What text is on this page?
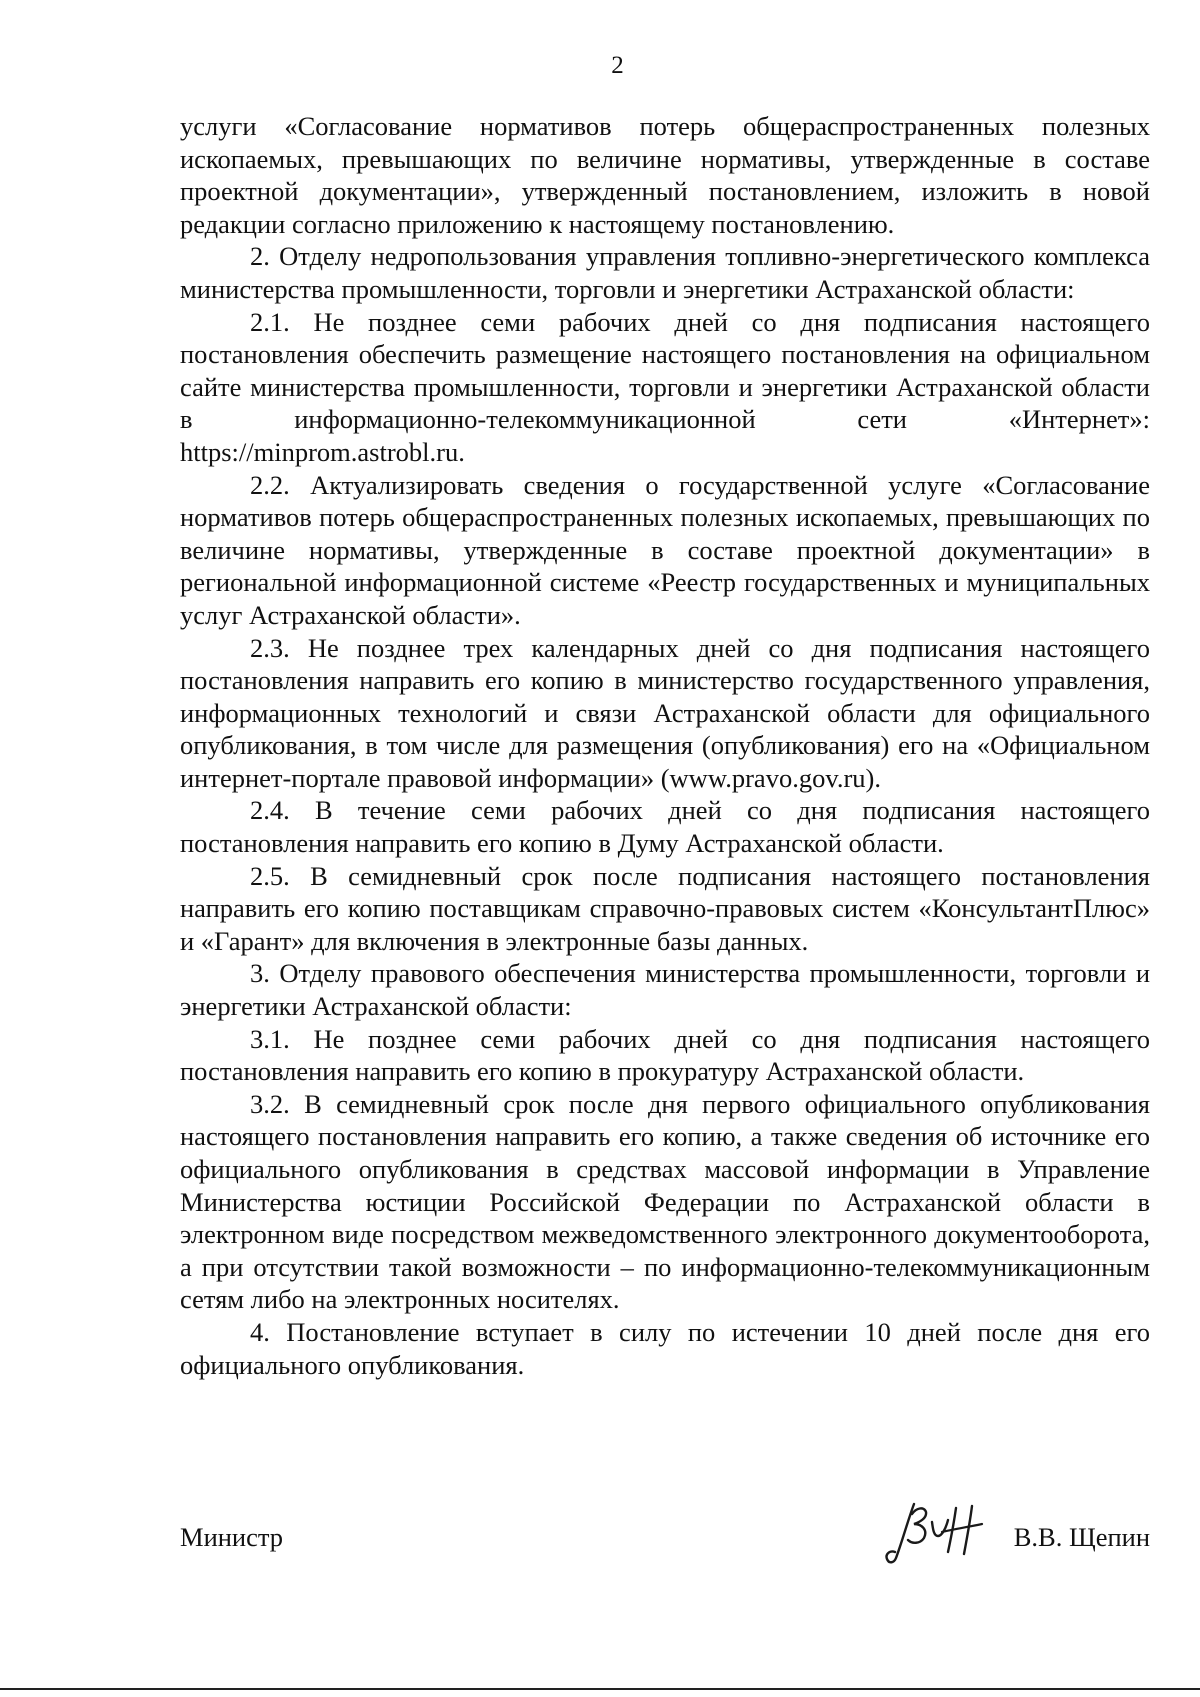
2

услуги «Согласование нормативов потерь общераспространенных полезных ископаемых, превышающих по величине нормативы, утвержденные в составе проектной документации», утвержденный постановлением, изложить в новой редакции согласно приложению к настоящему постановлению.

2. Отделу недропользования управления топливно-энергетического комплекса министерства промышленности, торговли и энергетики Астраханской области:

2.1. Не позднее семи рабочих дней со дня подписания настоящего постановления обеспечить размещение настоящего постановления на официальном сайте министерства промышленности, торговли и энергетики Астраханской области в информационно-телекоммуникационной сети «Интернет»: https://minprom.astrobl.ru.

2.2. Актуализировать сведения о государственной услуге «Согласование нормативов потерь общераспространенных полезных ископаемых, превышающих по величине нормативы, утвержденные в составе проектной документации» в региональной информационной системе «Реестр государственных и муниципальных услуг Астраханской области».

2.3. Не позднее трех календарных дней со дня подписания настоящего постановления направить его копию в министерство государственного управления, информационных технологий и связи Астраханской области для официального опубликования, в том числе для размещения (опубликования) его на «Официальном интернет-портале правовой информации» (www.pravo.gov.ru).

2.4. В течение семи рабочих дней со дня подписания настоящего постановления направить его копию в Думу Астраханской области.

2.5. В семидневный срок после подписания настоящего постановления направить его копию поставщикам справочно-правовых систем «КонсультантПлюс» и «Гарант» для включения в электронные базы данных.

3. Отделу правового обеспечения министерства промышленности, торговли и энергетики Астраханской области:

3.1. Не позднее семи рабочих дней со дня подписания настоящего постановления направить его копию в прокуратуру Астраханской области.

3.2. В семидневный срок после дня первого официального опубликования настоящего постановления направить его копию, а также сведения об источнике его официального опубликования в средствах массовой информации в Управление Министерства юстиции Российской Федерации по Астраханской области в электронном виде посредством межведомственного электронного документооборота, а при отсутствии такой возможности – по информационно-телекоммуникационным сетям либо на электронных носителях.

4. Постановление вступает в силу по истечении 10 дней после дня его официального опубликования.

Министр	В.В. Щепин
